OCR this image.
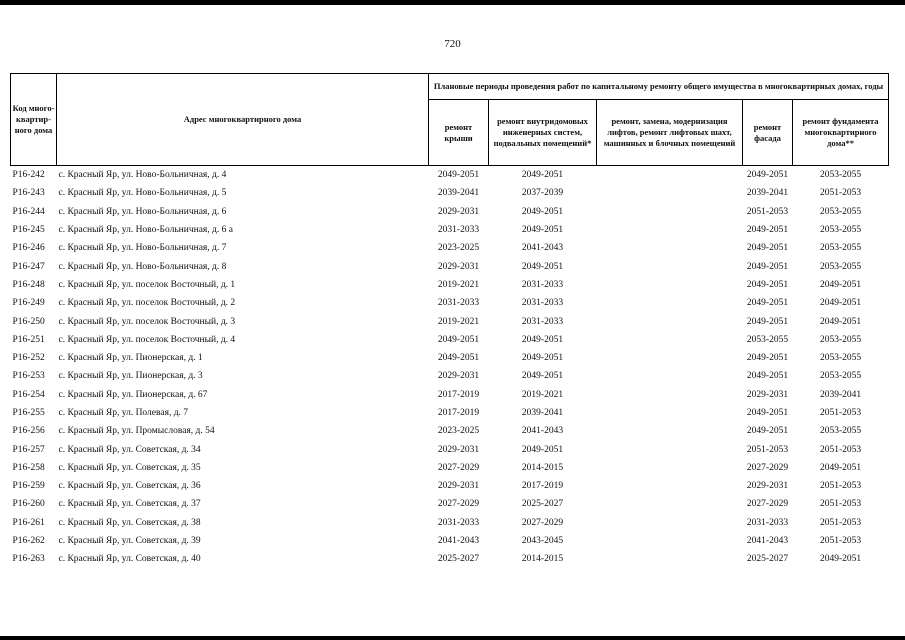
720
Код много-квартир-ного дома	Адрес многоквартирного дома	Плановые периоды проведения работ по капитальному ремонту общего имущества в многоквартирных домах, годы				
		ремонт крыши	ремонт внутридомовых инженерных систем, подвальных помещений*	ремонт, замена, модернизация лифтов, ремонт лифтовых шахт, машинных и блочных помещений	ремонт фасада	ремонт фундамента многоквартирного дома**
Р16-242	с. Красный Яр, ул. Ново-Больничная, д. 4	2049-2051	2049-2051		2049-2051	2053-2055
Р16-243	с. Красный Яр, ул. Ново-Больничная, д. 5	2039-2041	2037-2039		2039-2041	2051-2053
Р16-244	с. Красный Яр, ул. Ново-Больничная, д. 6	2029-2031	2049-2051		2051-2053	2053-2055
Р16-245	с. Красный Яр, ул. Ново-Больничная, д. 6 а	2031-2033	2049-2051		2049-2051	2053-2055
Р16-246	с. Красный Яр, ул. Ново-Больничная, д. 7	2023-2025	2041-2043		2049-2051	2053-2055
Р16-247	с. Красный Яр, ул. Ново-Больничная, д. 8	2029-2031	2049-2051		2049-2051	2053-2055
Р16-248	с. Красный Яр, ул. поселок Восточный, д. 1	2019-2021	2031-2033		2049-2051	2049-2051
Р16-249	с. Красный Яр, ул. поселок Восточный, д. 2	2031-2033	2031-2033		2049-2051	2049-2051
Р16-250	с. Красный Яр, ул. поселок Восточный, д. 3	2019-2021	2031-2033		2049-2051	2049-2051
Р16-251	с. Красный Яр, ул. поселок Восточный, д. 4	2049-2051	2049-2051		2053-2055	2053-2055
Р16-252	с. Красный Яр, ул. Пионерская, д. 1	2049-2051	2049-2051		2049-2051	2053-2055
Р16-253	с. Красный Яр, ул. Пионерская, д. 3	2029-2031	2049-2051		2049-2051	2053-2055
Р16-254	с. Красный Яр, ул. Пионерская, д. 67	2017-2019	2019-2021		2029-2031	2039-2041
Р16-255	с. Красный Яр, ул. Полевая, д. 7	2017-2019	2039-2041		2049-2051	2051-2053
Р16-256	с. Красный Яр, ул. Промысловая, д. 54	2023-2025	2041-2043		2049-2051	2053-2055
Р16-257	с. Красный Яр, ул. Советская, д. 34	2029-2031	2049-2051		2051-2053	2051-2053
Р16-258	с. Красный Яр, ул. Советская, д. 35	2027-2029	2014-2015		2027-2029	2049-2051
Р16-259	с. Красный Яр, ул. Советская, д. 36	2029-2031	2017-2019		2029-2031	2051-2053
Р16-260	с. Красный Яр, ул. Советская, д. 37	2027-2029	2025-2027		2027-2029	2051-2053
Р16-261	с. Красный Яр, ул. Советская, д. 38	2031-2033	2027-2029		2031-2033	2051-2053
Р16-262	с. Красный Яр, ул. Советская, д. 39	2041-2043	2043-2045		2041-2043	2051-2053
Р16-263	с. Красный Яр, ул. Советская, д. 40	2025-2027	2014-2015		2025-2027	2049-2051
